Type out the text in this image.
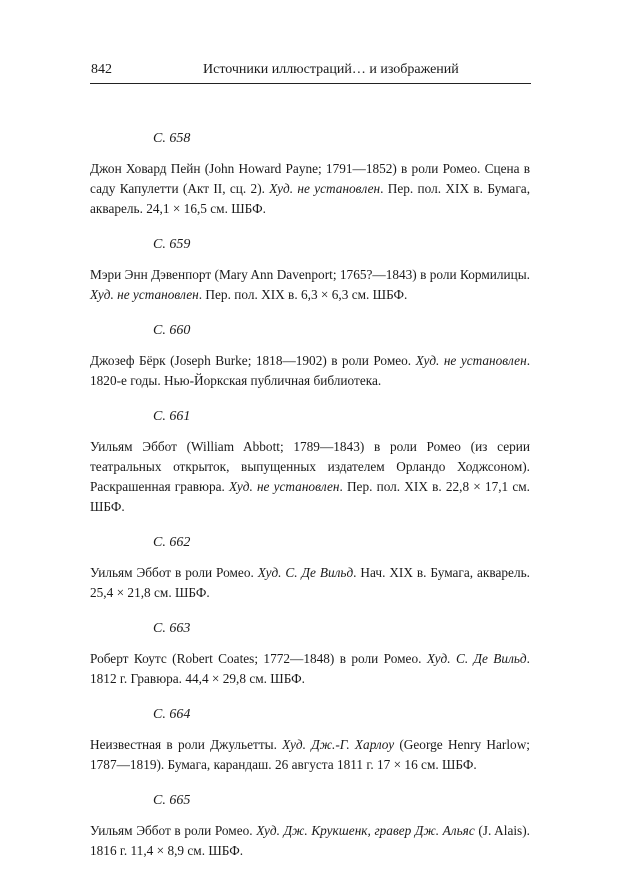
842	Источники иллюстраций… и изображений
С. 658

Джон Ховард Пейн (John Howard Payne; 1791—1852) в роли Ромео. Сцена в саду Капулетти (Акт II, сц. 2). Худ. не установлен. Пер. пол. XIX в. Бумага, акварель. 24,1 × 16,5 см. ШБФ.

С. 659

Мэри Энн Дэвенпорт (Mary Ann Davenport; 1765?—1843) в роли Кормилицы. Худ. не установлен. Пер. пол. XIX в. 6,3 × 6,3 см. ШБФ.

С. 660

Джозеф Бёрк (Joseph Burke; 1818—1902) в роли Ромео. Худ. не установлен. 1820-е годы. Нью-Йоркская публичная библиотека.

С. 661

Уильям Эббот (William Abbott; 1789—1843) в роли Ромео (из серии театральных открыток, выпущенных издателем Орландо Ходжсоном). Раскрашенная гравюра. Худ. не установлен. Пер. пол. XIX в. 22,8 × 17,1 см. ШБФ.

С. 662

Уильям Эббот в роли Ромео. Худ. С. Де Вильд. Нач. XIX в. Бумага, акварель. 25,4 × 21,8 см. ШБФ.

С. 663

Роберт Коутс (Robert Coates; 1772—1848) в роли Ромео. Худ. С. Де Вильд. 1812 г. Гравюра. 44,4 × 29,8 см. ШБФ.

С. 664

Неизвестная в роли Джульетты. Худ. Дж.-Г. Харлоу (George Henry Harlow; 1787—1819). Бумага, карандаш. 26 августа 1811 г. 17 × 16 см. ШБФ.

С. 665

Уильям Эббот в роли Ромео. Худ. Дж. Крукшенк, гравер Дж. Альяс (J. Alais). 1816 г. 11,4 × 8,9 см. ШБФ.
